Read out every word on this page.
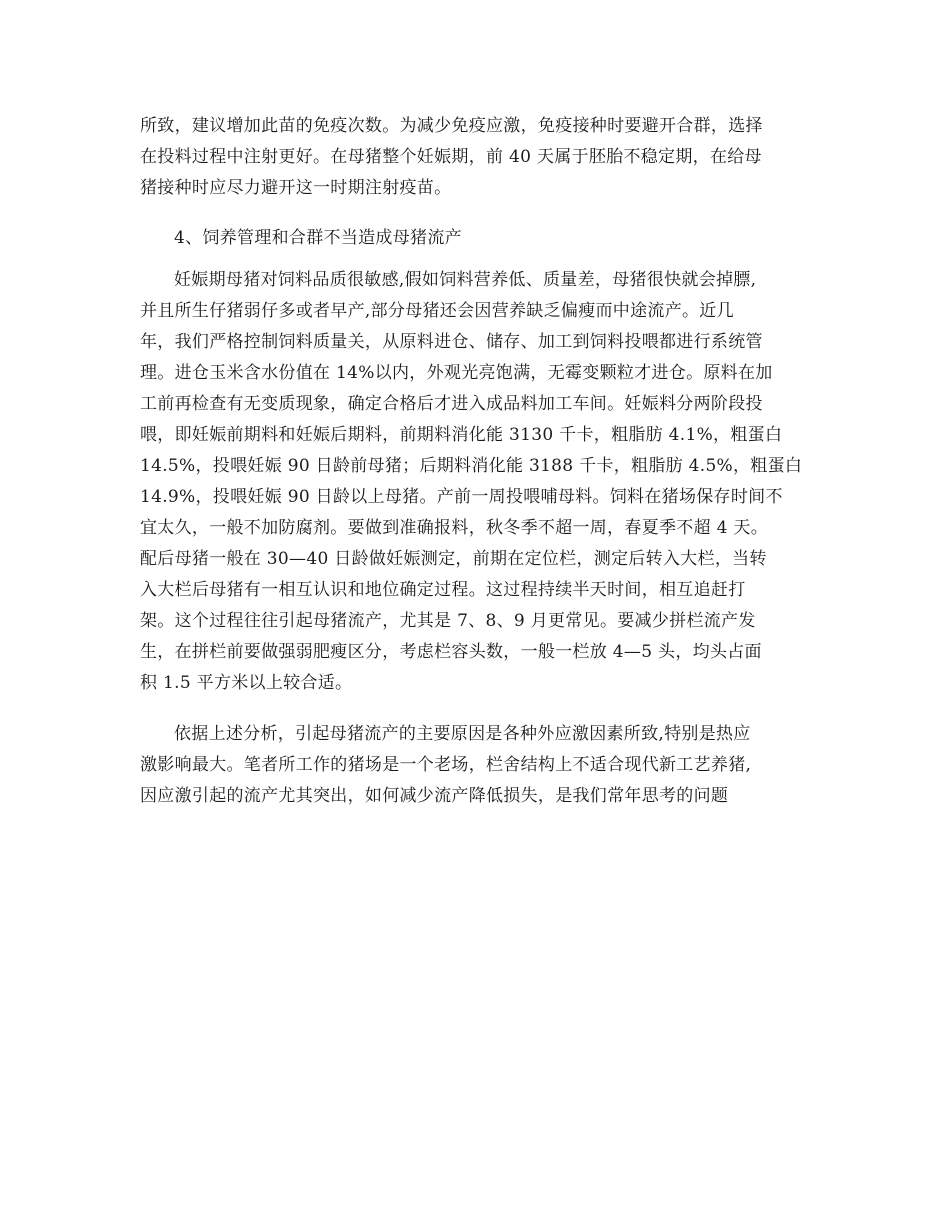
所致，建议增加此苗的免疫次数。为减少免疫应激，免疫接种时要避开合群，选择
在投料过程中注射更好。在母猪整个妊娠期，前 40 天属于胚胎不稳定期，在给母
猪接种时应尽力避开这一时期注射疫苗。
4、饲养管理和合群不当造成母猪流产
妊娠期母猪对饲料品质很敏感,假如饲料营养低、质量差，母猪很快就会掉膘,
并且所生仔猪弱仔多或者早产,部分母猪还会因营养缺乏偏瘦而中途流产。近几
年，我们严格控制饲料质量关，从原料进仓、储存、加工到饲料投喂都进行系统管
理。进仓玉米含水份值在 14%以内，外观光亮饱满，无霉变颗粒才进仓。原料在加
工前再检查有无变质现象，确定合格后才进入成品料加工车间。妊娠料分两阶段投
喂，即妊娠前期料和妊娠后期料，前期料消化能 3130 千卡，粗脂肪 4.1%，粗蛋白
14.5%，投喂妊娠 90 日龄前母猪；后期料消化能 3188 千卡，粗脂肪 4.5%，粗蛋白
14.9%，投喂妊娠 90 日龄以上母猪。产前一周投喂哺母料。饲料在猪场保存时间不
宜太久，一般不加防腐剂。要做到准确报料，秋冬季不超一周，春夏季不超 4 天。
配后母猪一般在 30—40 日龄做妊娠测定，前期在定位栏，测定后转入大栏，当转
入大栏后母猪有一相互认识和地位确定过程。这过程持续半天时间，相互追赶打
架。这个过程往往引起母猪流产，尤其是 7、8、9 月更常见。要减少拼栏流产发
生，在拼栏前要做强弱肥瘦区分，考虑栏容头数，一般一栏放 4—5 头，均头占面
积 1.5 平方米以上较合适。
依据上述分析，引起母猪流产的主要原因是各种外应激因素所致,特别是热应
激影响最大。笔者所工作的猪场是一个老场，栏舍结构上不适合现代新工艺养猪,
因应激引起的流产尤其突出，如何减少流产降低损失，是我们常年思考的问题
